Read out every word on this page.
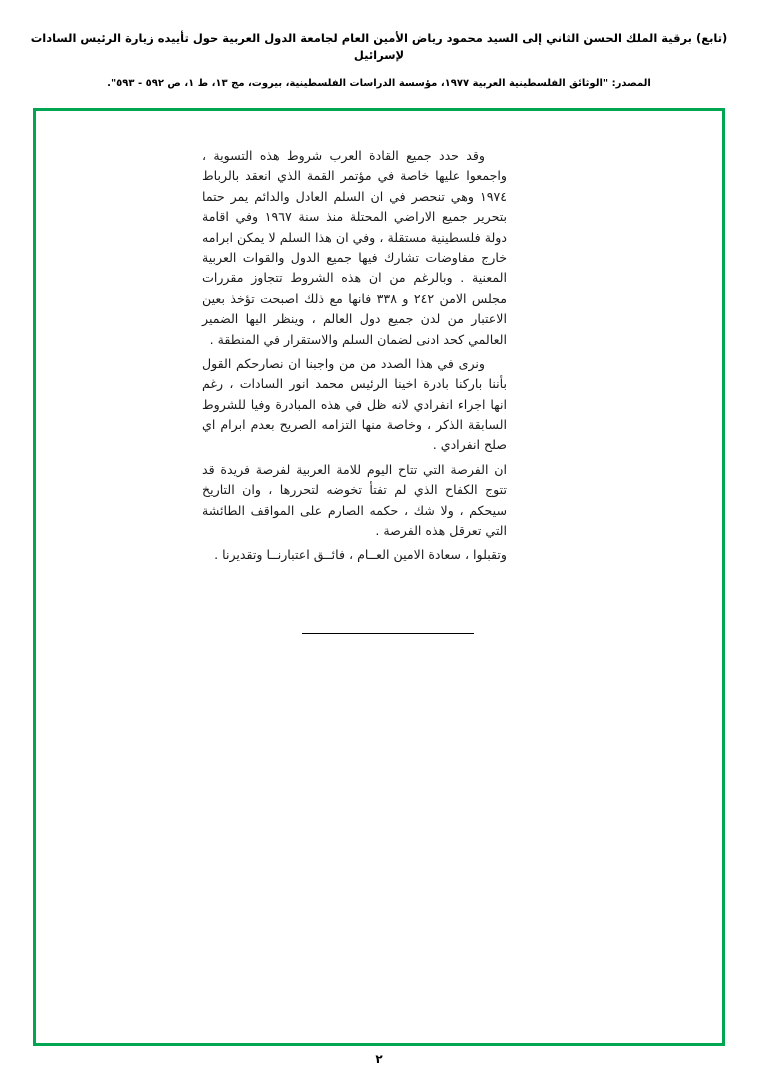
(تابع) برقية الملك الحسن الثاني إلى السيد محمود رياض الأمين العام لجامعة الدول العربية حول تأييده زيارة الرئيس السادات لإسرائيل
المصدر: "الوثائق الفلسطينية العربية ١٩٧٧، مؤسسة الدراسات الفلسطينية، بيروت، مج ١٣، ط ١، ص ٥٩٢ - ٥٩٣".

وقد حدد جميع القادة العرب شروط هذه التسوية ، واجمعوا عليها خاصة في مؤتمر القمة الذي انعقد بالرباط ١٩٧٤ وهي تنحصر في ان السلم العادل والدائم يمر حتما بتحرير جميع الاراضي المحتلة منذ سنة ١٩٦٧ وفي اقامة دولة فلسطينية مستقلة ، وفي ان هذا السلم لا يمكن ابرامه خارج مفاوضات تشارك فيها جميع الدول والقوات العربية المعنية . وبالرغم من ان هذه الشروط تتجاوز مقررات مجلس الامن ٢٤٢ و ٣٣٨ فانها مع ذلك اصبحت تؤخذ بعين الاعتبار من لدن جميع دول العالم ، وينظر اليها الضمير العالمي كحد ادنى لضمان السلم والاستقرار في المنطقة .

ونرى في هذا الصدد من من واجبنا ان نصارحكم القول بأننا باركنا بادرة اخينا الرئيس محمد انور السادات ، رغم انها اجراء انفرادي لانه ظل في هذه المبادرة وفيا للشروط السابقة الذكر ، وخاصة منها التزامه الصريح بعدم ابرام اي صلح انفرادي .

ان الفرصة التي تتاح اليوم للامة العربية لفرصة فريدة قد تتوج الكفاح الذي لم تفتأ تخوضه لتحررها ، وان التاريخ سيحكم ، ولا شك ، حكمه الصارم على المواقف الطائشة التي تعرقل هذه الفرصة .

وتقبلوا ، سعادة الامين العــام ، فائــق اعتبارنــا وتقديرنا .

٢
